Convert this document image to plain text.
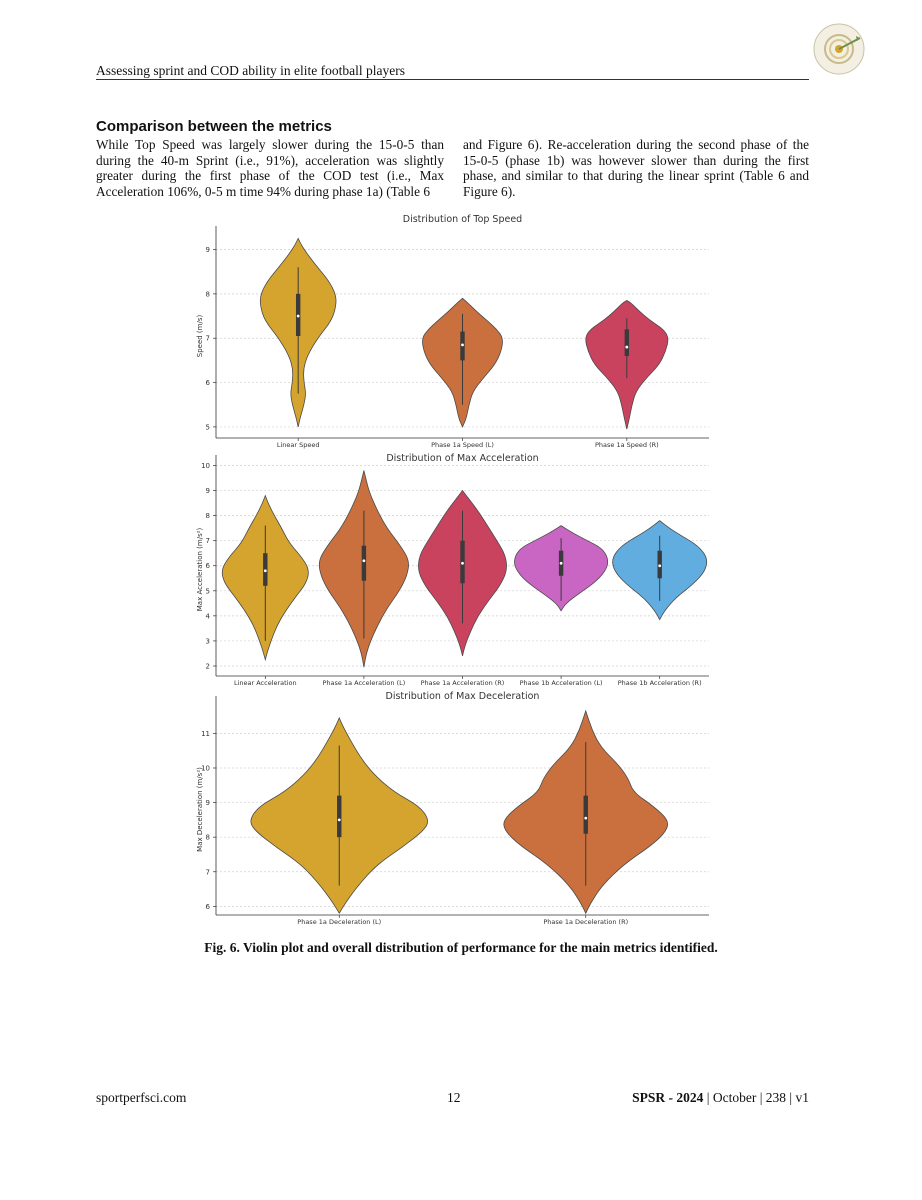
Assessing sprint and COD ability in elite football players
Comparison between the metrics
While Top Speed was largely slower during the 15-0-5 than during the 40-m Sprint (i.e., 91%), acceleration was slightly greater during the first phase of the COD test (i.e., Max Acceleration 106%, 0-5 m time 94% during phase 1a) (Table 6
and Figure 6). Re-acceleration during the second phase of the 15-0-5 (phase 1b) was however slower than during the first phase, and similar to that during the linear sprint (Table 6 and Figure 6).
Distribution of Top Speed
Speed (m/s)
5
6
7
8
9
Linear Speed	Phase 1a Speed (L)	Phase 1a Speed (R)
Distribution of Max Acceleration
Max Acceleration (m/s²)
2
3
4
5
6
7
8
9
10
Linear Acceleration	Phase 1a Acceleration (L) Phase 1a Acceleration (R) Phase 1b Acceleration (L) Phase 1b Acceleration (R)
Distribution of Max Deceleration
Max Deceleration (m/s²)
6
7
8
9
10
11
Phase 1a Deceleration (L)	Phase 1a Deceleration (R)
Fig. 6. Violin plot and overall distribution of performance for the main metrics identified.
sportperfsci.com	12	SPSR - 2024 | October | 238 | v1
